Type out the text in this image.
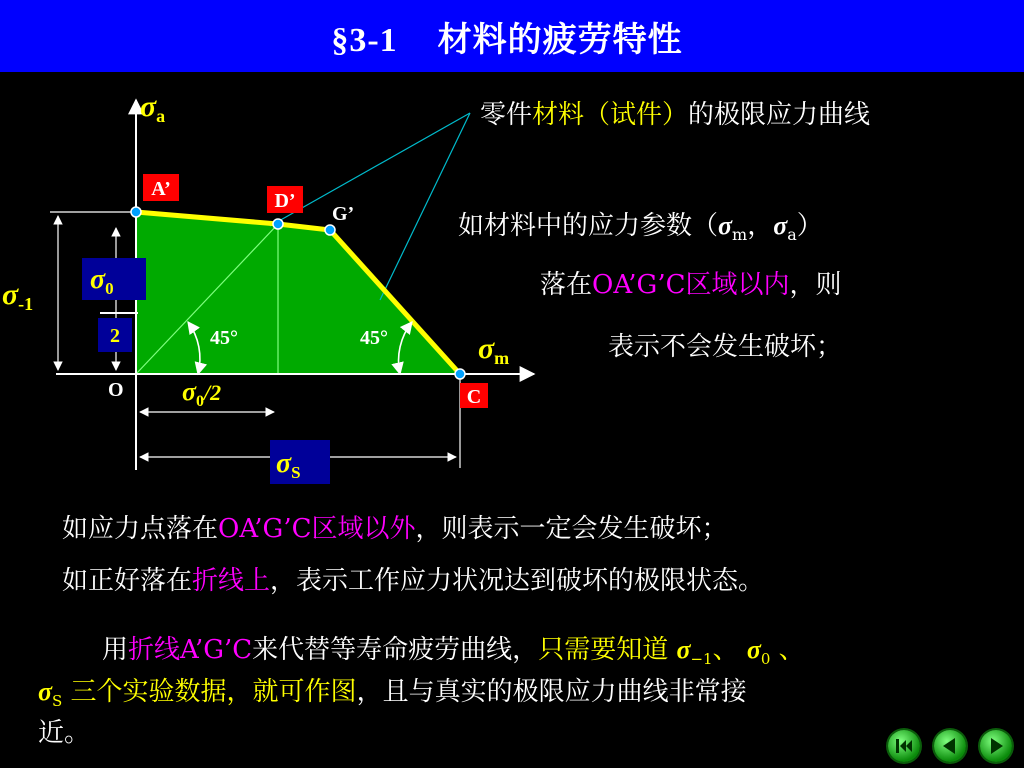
§3-1 材料的疲劳特性
A’
D’
G’
C
O
$\sigma_a$
$\sigma_m$
$\sigma_{-1}$
$\sigma_0$
2	45°	45°
$\sigma_0^{/2}$
$\sigma_S$
零件材料（试件）的极限应力曲线
如材料中的应力参数（$\sigma_m$，$\sigma_a$）
落在OA’G’C区域以内，则
表示不会发生破坏；
如应力点落在OA’G’C区域以外，则表示一定会发生破坏；
如正好落在折线上，表示工作应力状况达到破坏的极限状态。
用折线A’G’C来代替等寿命疲劳曲线，只需要知道 $\sigma_{-1}$、 $\sigma_0$ 、
$\sigma_S$ 三个实验数据，就可作图，且与真实的极限应力曲线非常接
近。
